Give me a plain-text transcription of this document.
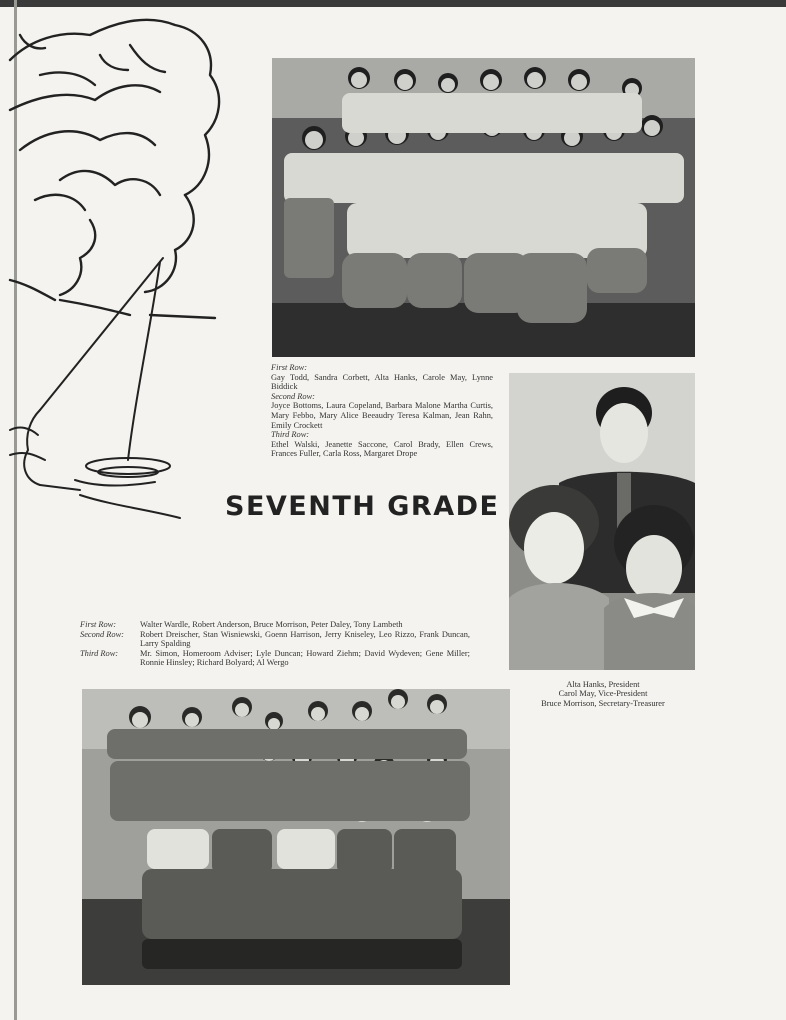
First Row:
Gay Todd, Sandra Corbett, Alta Hanks, Carole May, Lynne Biddick
Second Row:
Joyce Bottoms, Laura Copeland, Barbara Malone Martha Curtis, Mary Febbo, Mary Alice Beeaudry Teresa Kalman, Jean Rahn, Emily Crockett
Third Row:
Ethel Walski, Jeanette Saccone, Carol Brady, Ellen Crews, Frances Fuller, Carla Ross, Margaret Drope
SEVENTH GRADE
First Row:	Walter Wardle, Robert Anderson, Bruce Morrison, Peter Daley, Tony Lambeth
Second Row:	Robert Dreischer, Stan Wisniewski, Goenn Harrison, Jerry Kniseley, Leo Rizzo, Frank Duncan, Larry Spalding
Third Row:	Mr. Simon, Homeroom Adviser; Lyle Duncan; Howard Ziehm; David Wydeven; Gene Miller; Ronnie Hinsley; Richard Bolyard; Al Wergo
Alta Hanks, President
Carol May, Vice-President
Bruce Morrison, Secretary-Treasurer
